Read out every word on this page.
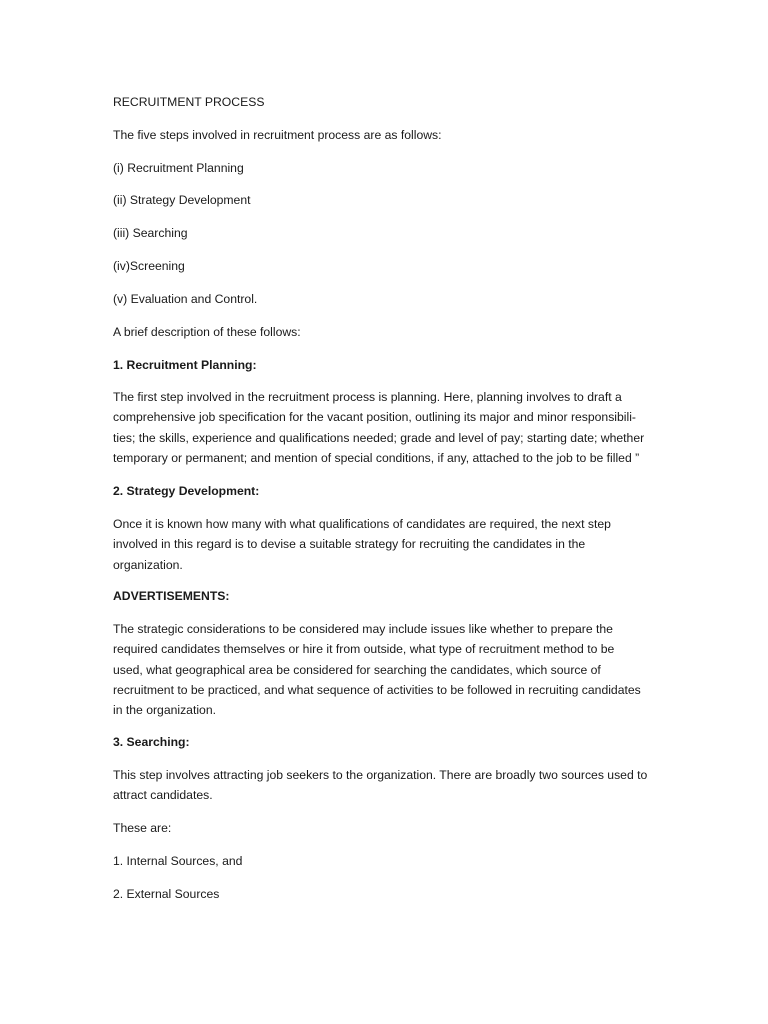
RECRUITMENT PROCESS

The five steps involved in recruitment process are as follows:

(i) Recruitment Planning

(ii) Strategy Development

(iii) Searching

(iv)Screening

(v) Evaluation and Control.

A brief description of these follows:

1. Recruitment Planning:

The first step involved in the recruitment process is planning. Here, planning involves to draft a
comprehensive job specification for the vacant position, outlining its major and minor responsibili-
ties; the skills, experience and qualifications needed; grade and level of pay; starting date; whether
temporary or permanent; and mention of special conditions, if any, attached to the job to be filled ”

2. Strategy Development:

Once it is known how many with what qualifications of candidates are required, the next step
involved in this regard is to devise a suitable strategy for recruiting the candidates in the
organization.

ADVERTISEMENTS:

The strategic considerations to be considered may include issues like whether to prepare the
required candidates themselves or hire it from outside, what type of recruitment method to be
used, what geographical area be considered for searching the candidates, which source of
recruitment to be practiced, and what sequence of activities to be followed in recruiting candidates
in the organization.

3. Searching:

This step involves attracting job seekers to the organization. There are broadly two sources used to
attract candidates.

These are:

1. Internal Sources, and

2. External Sources
